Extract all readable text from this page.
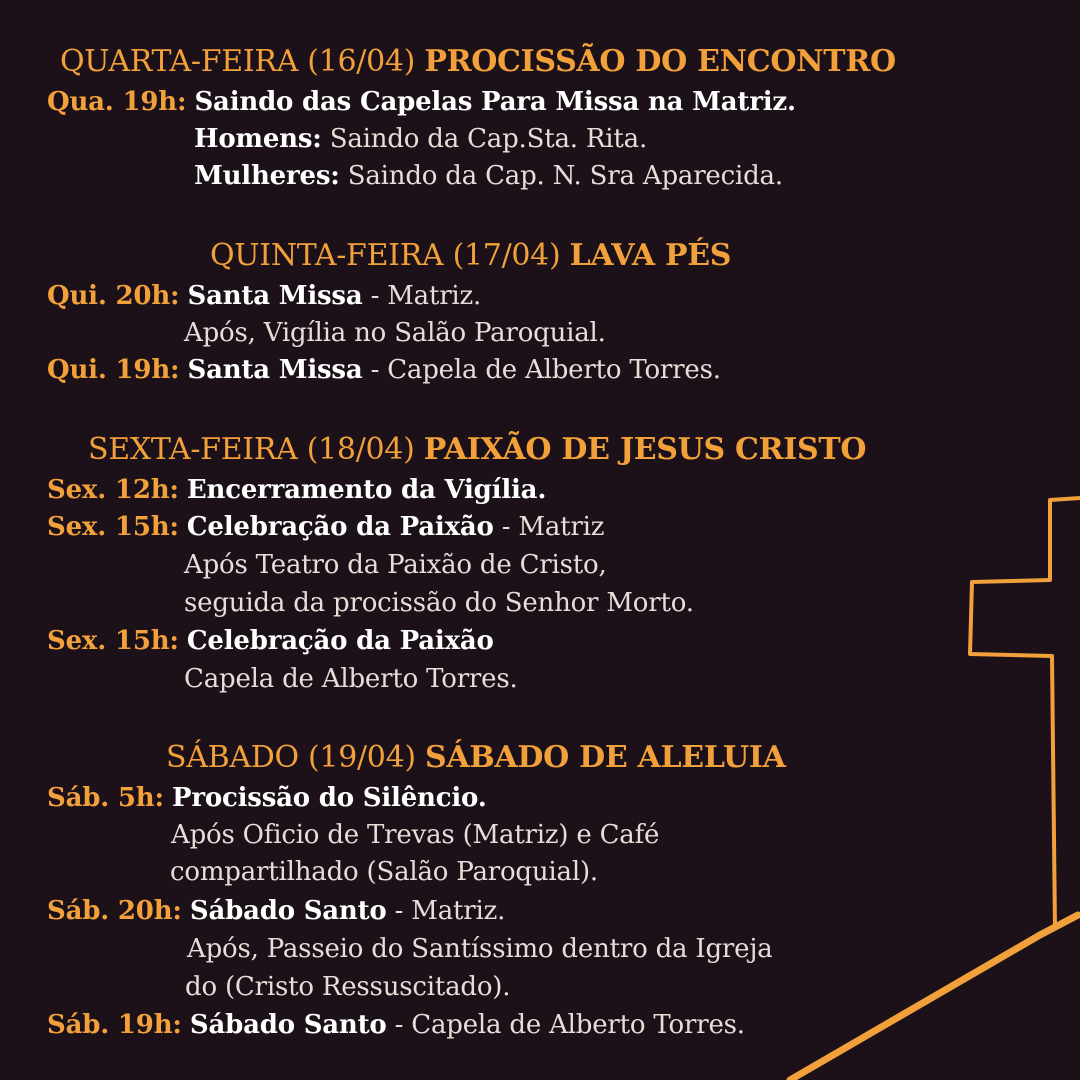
QUARTA-FEIRA (16/04) PROCISSÃO DO ENCONTRO
Qua. 19h: Saindo das Capelas Para Missa na Matriz.
Homens: Saindo da Cap.Sta. Rita.
Mulheres: Saindo da Cap. N. Sra Aparecida.
QUINTA-FEIRA (17/04) LAVA PÉS
Qui. 20h: Santa Missa - Matriz.
Após, Vigília no Salão Paroquial.
Qui. 19h: Santa Missa - Capela de Alberto Torres.
SEXTA-FEIRA (18/04) PAIXÃO DE JESUS CRISTO
Sex. 12h: Encerramento da Vigília.
Sex. 15h: Celebração da Paixão - Matriz
Após Teatro da Paixão de Cristo,
seguida da procissão do Senhor Morto.
Sex. 15h: Celebração da Paixão
Capela de Alberto Torres.
SÁBADO (19/04) SÁBADO DE ALELUIA
Sáb. 5h: Procissão do Silêncio.
Após Oficio de Trevas (Matriz) e Café
compartilhado (Salão Paroquial).
Sáb. 20h: Sábado Santo - Matriz.
Após, Passeio do Santíssimo dentro da Igreja
do (Cristo Ressuscitado).
Sáb. 19h: Sábado Santo - Capela de Alberto Torres.
